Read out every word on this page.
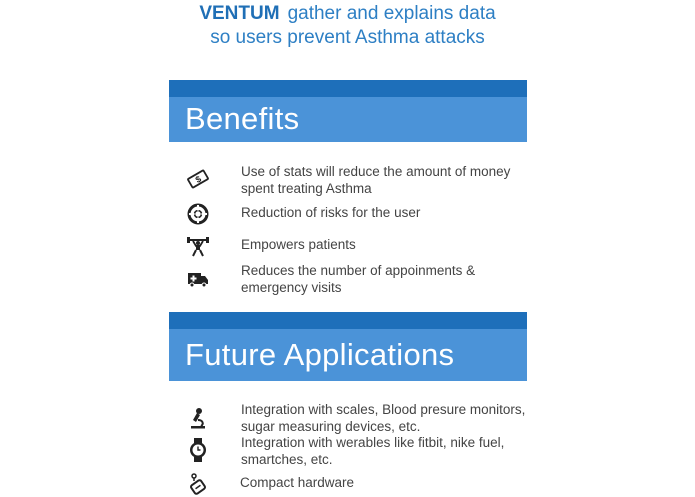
VENTUM gather and explains data
so users prevent Asthma attacks
Benefits
$
Use of stats will reduce the amount of money spent treating Asthma
Reduction of risks for the user
Empowers patients
Reduces the number of appoinments & emergency visits
Future Applications
Integration with scales, Blood presure monitors, sugar measuring devices, etc.
Integration with werables like fitbit, nike fuel, smartches, etc.
Compact hardware
